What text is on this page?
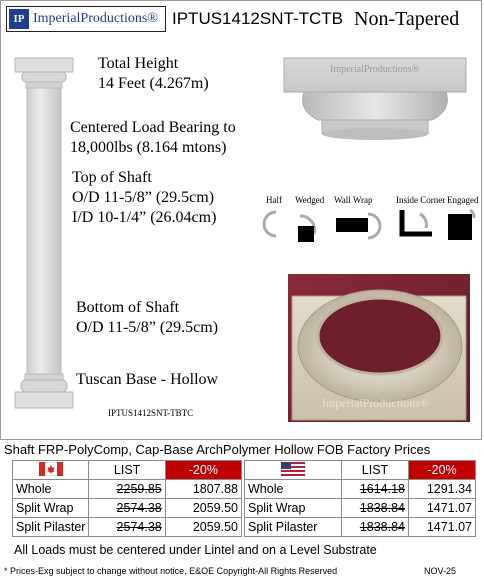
IP ImperialProductions® IPTUS1412SNT-TCTB Non-Tapered
Total Height
14 Feet (4.267m)
Centered Load Bearing to
18,000lbs (8.164 mtons)
Top of Shaft
O/D 11-5/8” (29.5cm)
I/D 10-1/4” (26.04cm)
Bottom of Shaft
O/D 11-5/8” (29.5cm)
Tuscan Base - Hollow
IPTUS1412SNT-TBTC
ImperialProductions®
Half Wedged Wall Wrap	Inside Corner Engaged
ImperialProductions®
Shaft FRP-PolyComp, Cap-Base ArchPolymer Hollow FOB Factory Prices
	LIST	-20%
Whole	2259.85	1807.88
Split Wrap	2574.38	2059.50
Split Pilaster	2574.38	2059.50
	LIST	-20%
Whole	1614.18	1291.34
Split Wrap	1838.84	1471.07
Split Pilaster	1838.84	1471.07
All Loads must be centered under Lintel and on a Level Substrate
* Prices-Exg subject to change without notice, E&OE Copyright-All Rights Reserved	NOV-25
